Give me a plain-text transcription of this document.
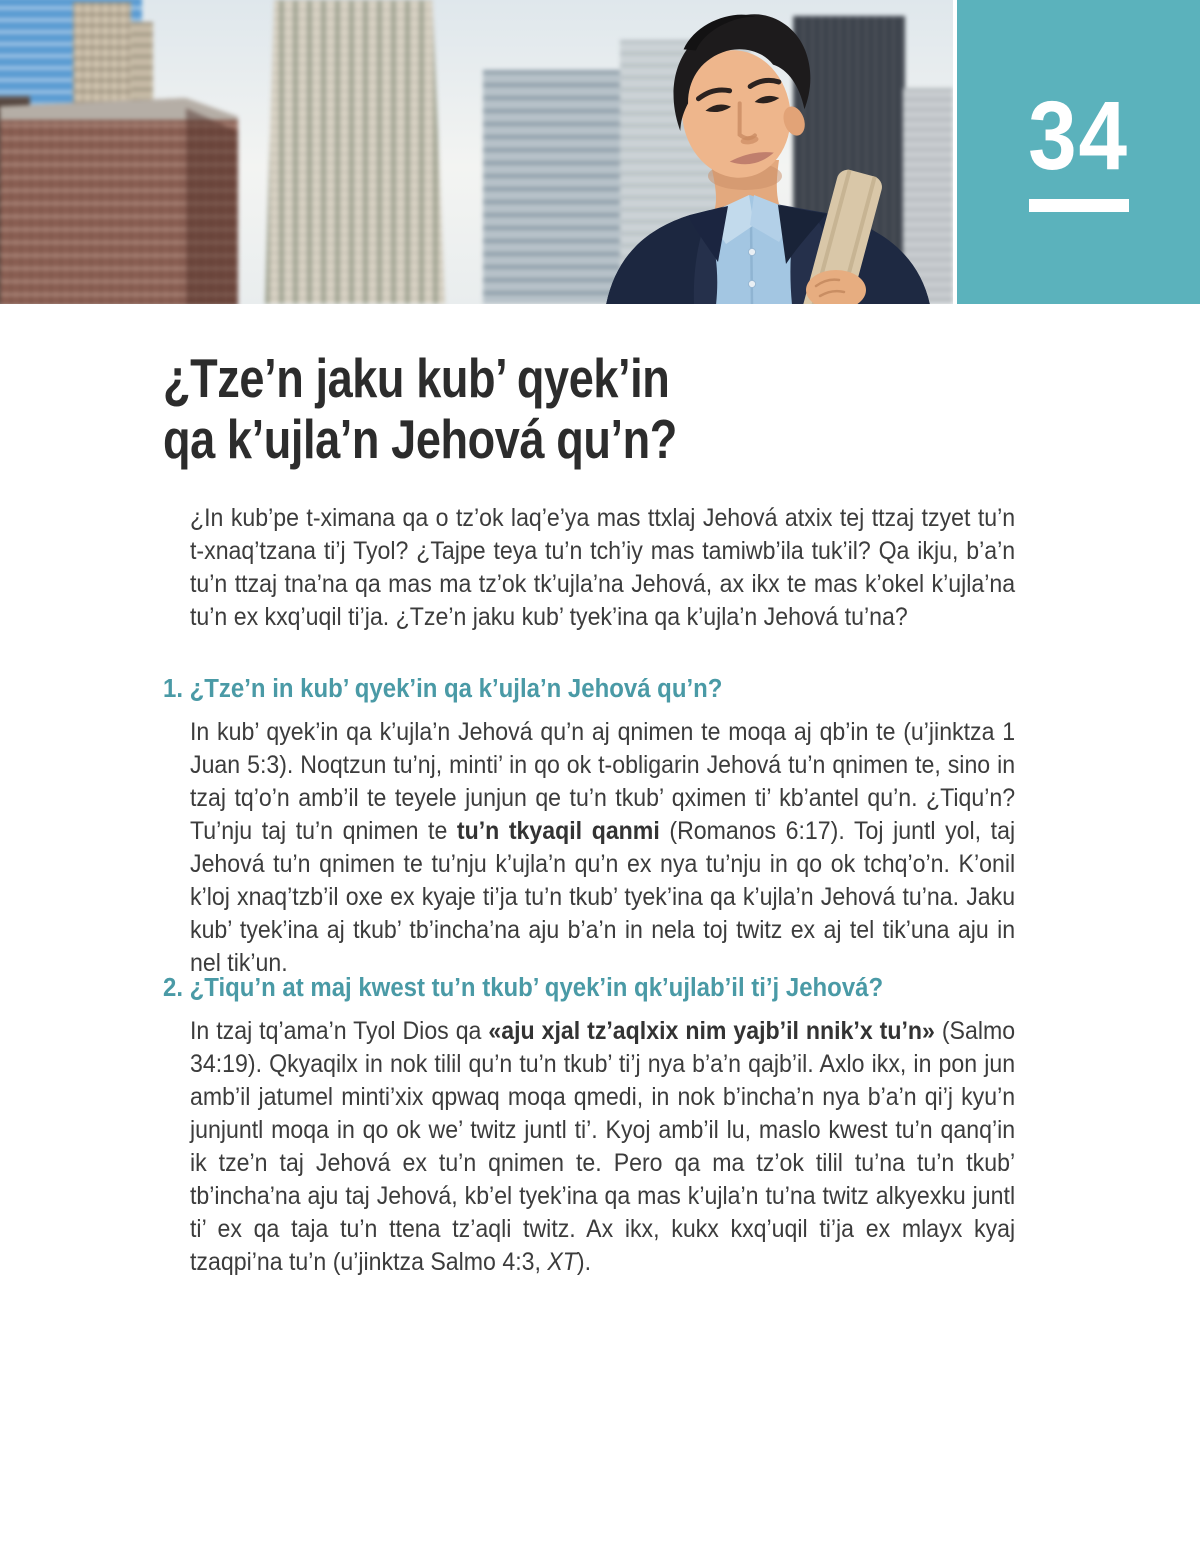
34
¿Tze’n jaku kub’ qyek’in
qa k’ujla’n Jehová qu’n?

¿In kub’pe t-ximana qa o tz’ok laq’e’ya mas ttxlaj Jehová atxix tej ttzaj tzyet tu’n t-xnaq’tzana ti’j Tyol? ¿Tajpe teya tu’n tch’iy mas tamiwb’ila tuk’il? Qa ikju, b’a’n tu’n ttzaj tna’na qa mas ma tz’ok tk’ujla’na Jehová, ax ikx te mas k’okel k’ujla’na tu’n ex kxq’uqil ti’ja. ¿Tze’n jaku kub’ tyek’ina qa k’ujla’n Jehová tu’na?

1. ¿Tze’n in kub’ qyek’in qa k’ujla’n Jehová qu’n?

In kub’ qyek’in qa k’ujla’n Jehová qu’n aj qnimen te moqa aj qb’in te (u’jinktza 1 Juan 5:3). Noqtzun tu’nj, minti’ in qo ok t-obligarin Jehová tu’n qnimen te, sino in tzaj tq’o’n amb’il te teyele junjun qe tu’n tkub’ qximen ti’ kb’antel qu’n. ¿Tiqu’n? Tu’nju taj tu’n qnimen te tu’n tkyaqil qanmi (Romanos 6:17). Toj juntl yol, taj Jehová tu’n qnimen te tu’nju k’ujla’n qu’n ex nya tu’nju in qo ok tchq’o’n. K’onil k’loj xnaq’tzb’il oxe ex kyaje ti’ja tu’n tkub’ tyek’ina qa k’ujla’n Jehová tu’na. Jaku kub’ tyek’ina aj tkub’ tb’incha’na aju b’a’n in nela toj twitz ex aj tel tik’una aju in nel tik’un.

2. ¿Tiqu’n at maj kwest tu’n tkub’ qyek’in qk’ujlab’il ti’j Jehová?

In tzaj tq’ama’n Tyol Dios qa «aju xjal tz’aqlxix nim yajb’il nnik’x tu’n» (Salmo 34:19). Qkyaqilx in nok tilil qu’n tu’n tkub’ ti’j nya b’a’n qajb’il. Axlo ikx, in pon jun amb’il jatumel minti’xix qpwaq moqa qmedi, in nok b’incha’n nya b’a’n qi’j kyu’n junjuntl moqa in qo ok we’ twitz juntl ti’. Kyoj amb’il lu, maslo kwest tu’n qanq’in ik tze’n taj Jehová ex tu’n qnimen te. Pero qa ma tz’ok tilil tu’na tu’n tkub’ tb’incha’na aju taj Jehová, kb’el tyek’ina qa mas k’ujla’n tu’na twitz alkyexku juntl ti’ ex qa taja tu’n ttena tz’aqli twitz. Ax ikx, kukx kxq’uqil ti’ja ex mlayx kyaj tzaqpi’na tu’n (u’jinktza Salmo 4:3, XT).
